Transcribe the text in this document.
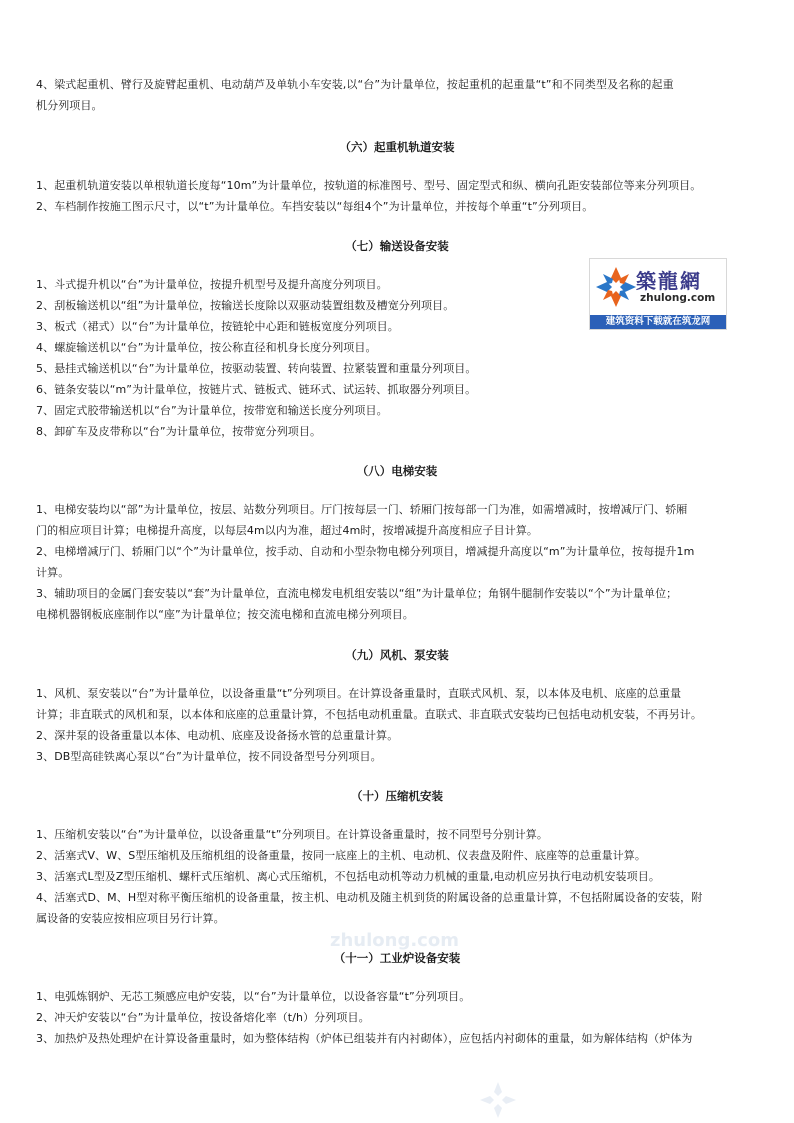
zhulong.com

4、梁式起重机、臂行及旋臂起重机、电动葫芦及单轨小车安装,以“台”为计量单位，按起重机的起重量“t”和不同类型及名称的起重

机分列项目。

（六）起重机轨道安装

1、起重机轨道安装以单根轨道长度每“10m”为计量单位，按轨道的标准图号、型号、固定型式和纵、横向孔距安装部位等来分列项目。

2、车档制作按施工图示尺寸，以“t”为计量单位。车挡安装以“每组4个”为计量单位，并按每个单重“t”分列项目。

（七）输送设备安装

1、斗式提升机以“台”为计量单位，按提升机型号及提升高度分列项目。

2、刮板输送机以“组”为计量单位，按输送长度除以双驱动装置组数及槽宽分列项目。

3、板式（裙式）以“台”为计量单位，按链轮中心距和链板宽度分列项目。

4、螺旋输送机以“台”为计量单位，按公称直径和机身长度分列项目。

5、悬挂式输送机以“台”为计量单位，按驱动装置、转向装置、拉紧装置和重量分列项目。

6、链条安装以“m”为计量单位，按链片式、链板式、链环式、试运转、抓取器分列项目。

7、固定式胶带输送机以“台”为计量单位，按带宽和输送长度分列项目。

8、卸矿车及皮带称以“台”为计量单位，按带宽分列项目。

築龍網
zhulong.com
建筑资料下载就在筑龙网
（八）电梯安装

1、电梯安装均以“部”为计量单位，按层、站数分列项目。厅门按每层一门、轿厢门按每部一门为准，如需增减时，按增减厅门、轿厢

门的相应项目计算；电梯提升高度，以每层4m以内为准，超过4m时，按增减提升高度相应子目计算。

2、电梯增减厅门、轿厢门以“个”为计量单位，按手动、自动和小型杂物电梯分列项目，增减提升高度以“m”为计量单位，按每提升1m

计算。

3、辅助项目的金属门套安装以“套”为计量单位，直流电梯发电机组安装以“组”为计量单位；角钢牛腿制作安装以“个”为计量单位；

电梯机器钢板底座制作以“座”为计量单位；按交流电梯和直流电梯分列项目。

（九）风机、泵安装

1、风机、泵安装以“台”为计量单位，以设备重量“t”分列项目。在计算设备重量时，直联式风机、泵，以本体及电机、底座的总重量

计算；非直联式的风机和泵，以本体和底座的总重量计算，不包括电动机重量。直联式、非直联式安装均已包括电动机安装，不再另计。

2、深井泵的设备重量以本体、电动机、底座及设备扬水管的总重量计算。

3、DB型高硅铁离心泵以“台”为计量单位，按不同设备型号分列项目。

（十）压缩机安装

1、压缩机安装以“台”为计量单位，以设备重量“t”分列项目。在计算设备重量时，按不同型号分别计算。

2、活塞式V、W、S型压缩机及压缩机组的设备重量，按同一底座上的主机、电动机、仪表盘及附件、底座等的总重量计算。

3、活塞式L型及Z型压缩机、螺杆式压缩机、离心式压缩机，不包括电动机等动力机械的重量,电动机应另执行电动机安装项目。

4、活塞式D、M、H型对称平衡压缩机的设备重量，按主机、电动机及随主机到货的附属设备的总重量计算，不包括附属设备的安装，附

属设备的安装应按相应项目另行计算。

（十一）工业炉设备安装

1、电弧炼钢炉、无芯工频感应电炉安装，以“台”为计量单位，以设备容量“t”分列项目。

2、冲天炉安装以“台”为计量单位，按设备熔化率（t/h）分列项目。

3、加热炉及热处理炉在计算设备重量时，如为整体结构（炉体已组装并有内衬砌体），应包括内衬砌体的重量，如为解体结构（炉体为
